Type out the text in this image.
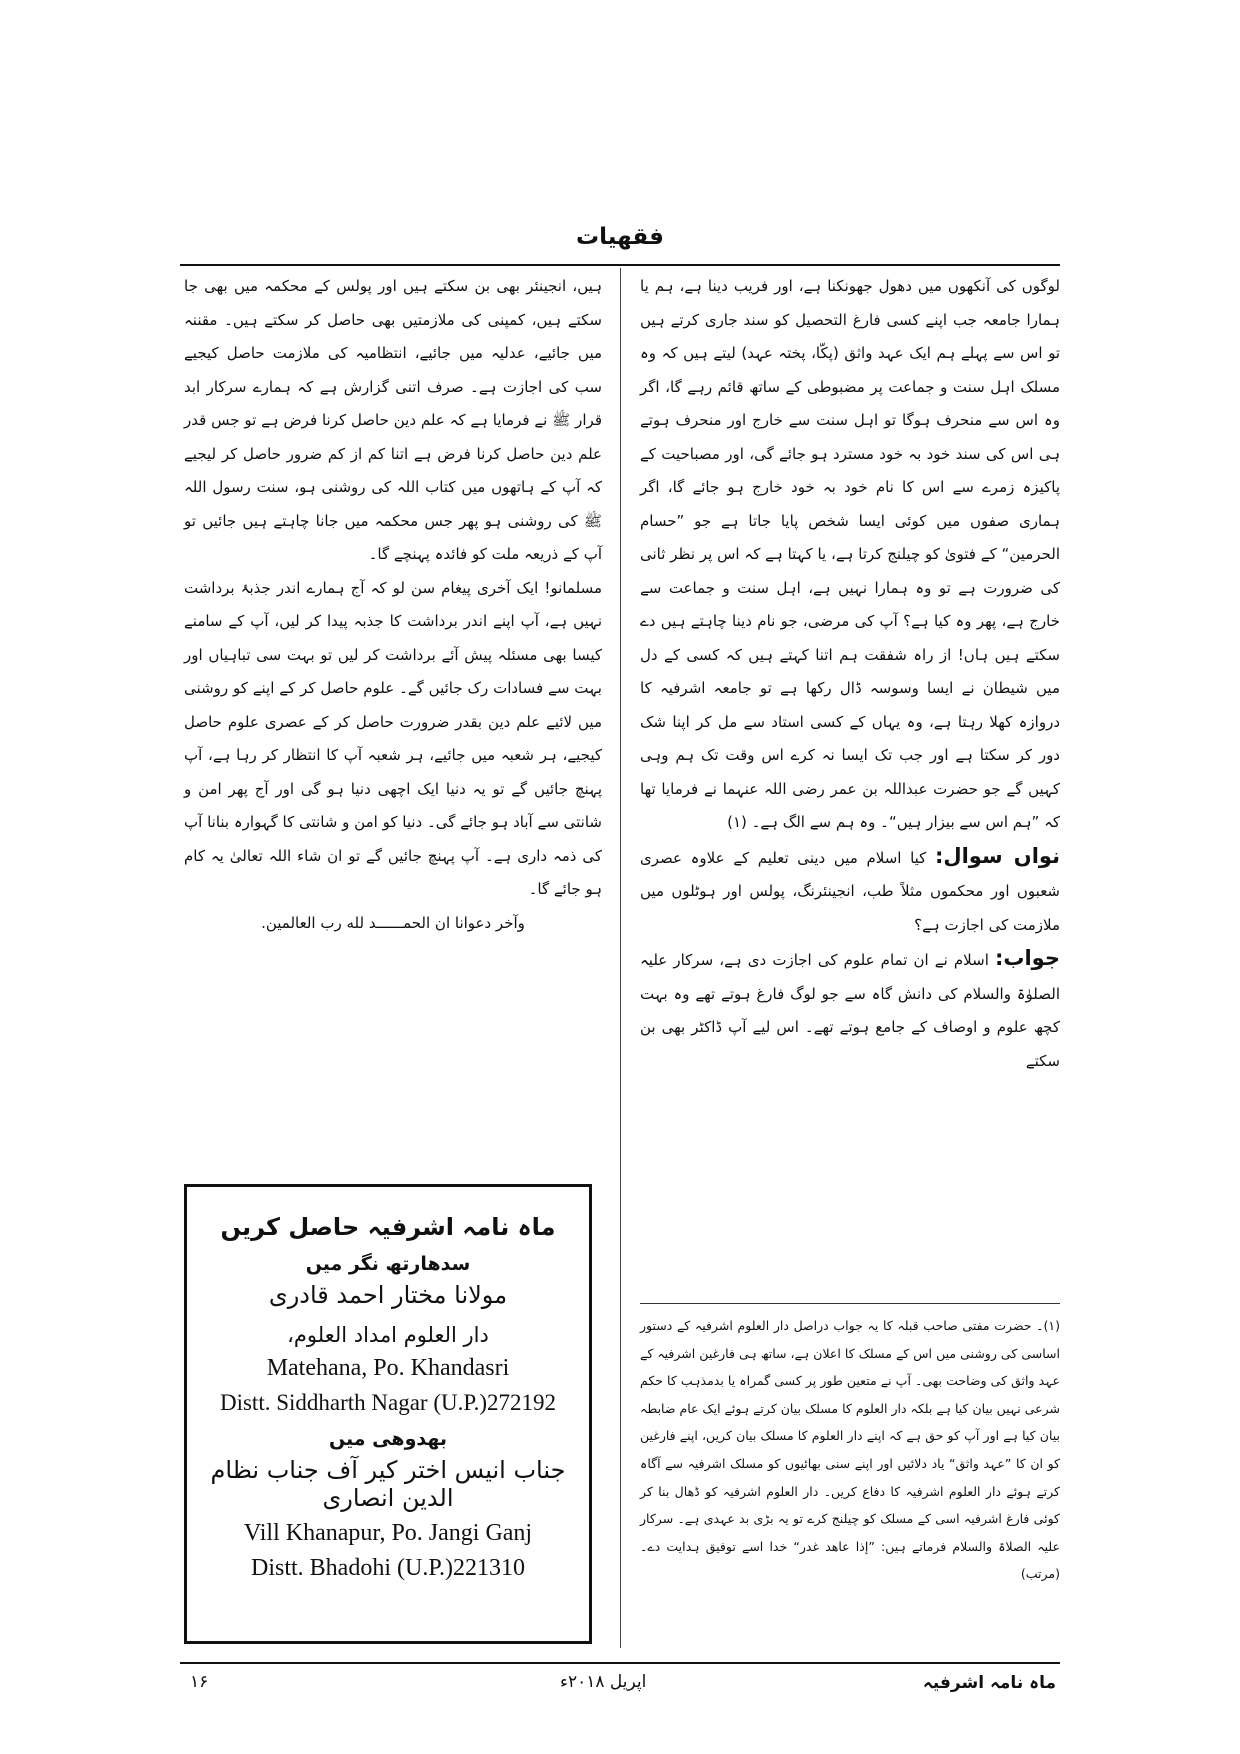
فقهيات

لوگوں کی آنکھوں میں دھول جھونکنا ہے، اور فریب دینا ہے، ہم یا ہمارا جامعہ جب اپنے کسی فارغ التحصیل کو سند جاری کرتے ہیں تو اس سے پہلے ہم ایک عہد واثق (پکّا، پختہ عہد) لیتے ہیں کہ وہ مسلک اہل سنت و جماعت پر مضبوطی کے ساتھ قائم رہے گا، اگر وہ اس سے منحرف ہوگا تو اہل سنت سے خارج اور منحرف ہوتے ہی اس کی سند خود بہ خود مسترد ہو جائے گی، اور مصباحیت کے پاکیزہ زمرے سے اس کا نام خود بہ خود خارج ہو جائے گا، اگر ہماری صفوں میں کوئی ایسا شخص پایا جاتا ہے جو ”حسام الحرمین“ کے فتویٰ کو چیلنج کرتا ہے، یا کہتا ہے کہ اس پر نظر ثانی کی ضرورت ہے تو وہ ہمارا نہیں ہے، اہل سنت و جماعت سے خارج ہے، پھر وہ کیا ہے؟ آپ کی مرضی، جو نام دینا چاہتے ہیں دے سکتے ہیں ہاں! از راہ شفقت ہم اتنا کہتے ہیں کہ کسی کے دل میں شیطان نے ایسا وسوسہ ڈال رکھا ہے تو جامعہ اشرفیہ کا دروازہ کھلا رہتا ہے، وہ یہاں کے کسی استاد سے مل کر اپنا شک دور کر سکتا ہے اور جب تک ایسا نہ کرے اس وقت تک ہم وہی کہیں گے جو حضرت عبداللہ بن عمر رضی اللہ عنہما نے فرمایا تھا کہ ”ہم اس سے بیزار ہیں“۔ وہ ہم سے الگ ہے۔ (۱)

نواں سوال: کیا اسلام میں دینی تعلیم کے علاوہ عصری شعبوں اور محکموں مثلاً طب، انجینئرنگ، پولس اور ہوٹلوں میں ملازمت کی اجازت ہے؟

جواب: اسلام نے ان تمام علوم کی اجازت دی ہے، سرکار علیہ الصلوٰۃ والسلام کی دانش گاہ سے جو لوگ فارغ ہوتے تھے وہ بہت کچھ علوم و اوصاف کے جامع ہوتے تھے۔ اس لیے آپ ڈاکٹر بھی بن سکتے

ہیں، انجینئر بھی بن سکتے ہیں اور پولس کے محکمہ میں بھی جا سکتے ہیں، کمپنی کی ملازمتیں بھی حاصل کر سکتے ہیں۔ مقننہ میں جائیے، عدلیہ میں جائیے، انتظامیہ کی ملازمت حاصل کیجیے سب کی اجازت ہے۔ صرف اتنی گزارش ہے کہ ہمارے سرکار ابد قرار ﷺ نے فرمایا ہے کہ علم دین حاصل کرنا فرض ہے تو جس قدر علم دین حاصل کرنا فرض ہے اتنا کم از کم ضرور حاصل کر لیجیے کہ آپ کے ہاتھوں میں کتاب اللہ کی روشنی ہو، سنت رسول اللہ ﷺ کی روشنی ہو پھر جس محکمہ میں جانا چاہتے ہیں جائیں تو آپ کے ذریعہ ملت کو فائدہ پہنچے گا۔

مسلمانو! ایک آخری پیغام سن لو کہ آج ہمارے اندر جذبۂ برداشت نہیں ہے، آپ اپنے اندر برداشت کا جذبہ پیدا کر لیں، آپ کے سامنے کیسا بھی مسئلہ پیش آئے برداشت کر لیں تو بہت سی تباہیاں اور بہت سے فسادات رک جائیں گے۔ علوم حاصل کر کے اپنے کو روشنی میں لائیے علم دین بقدر ضرورت حاصل کر کے عصری علوم حاصل کیجیے، ہر شعبہ میں جائیے، ہر شعبہ آپ کا انتظار کر رہا ہے، آپ پہنچ جائیں گے تو یہ دنیا ایک اچھی دنیا ہو گی اور آج پھر امن و شانتی سے آباد ہو جائے گی۔ دنیا کو امن و شانتی کا گہوارہ بنانا آپ کی ذمہ داری ہے۔ آپ پہنچ جائیں گے تو ان شاء اللہ تعالیٰ یہ کام ہو جائے گا۔

وآخر دعوانا ان الحمــــــد لله رب العالمين.

ماہ نامہ اشرفیہ حاصل کریں
سدھارتھ نگر میں
مولانا مختار احمد قادری
دار العلوم امداد العلوم،
Matehana, Po. Khandasri
Distt. Siddharth Nagar (U.P.)272192
بھدوھی میں
جناب انیس اختر کیر آف جناب نظام الدین انصاری
Vill Khanapur, Po. Jangi Ganj
Distt. Bhadohi (U.P.)221310
(۱)۔ حضرت مفتی صاحب قبلہ کا یہ جواب دراصل دار العلوم اشرفیہ کے دستور اساسی کی روشنی میں اس کے مسلک کا اعلان ہے، ساتھ ہی فارغین اشرفیہ کے عہد واثق کی وضاحت بھی۔ آپ نے متعین طور پر کسی گمراہ یا بدمذہب کا حکم شرعی نہیں بیان کیا ہے بلکہ دار العلوم کا مسلک بیان کرتے ہوئے ایک عام ضابطہ بیان کیا ہے اور آپ کو حق ہے کہ اپنے دار العلوم کا مسلک بیان کریں، اپنے فارغین کو ان کا ”عہد واثق“ یاد دلائیں اور اپنے سنی بھائیوں کو مسلک اشرفیہ سے آگاہ کرتے ہوئے دار العلوم اشرفیہ کا دفاع کریں۔ دار العلوم اشرفیہ کو ڈھال بنا کر کوئی فارغ اشرفیہ اسی کے مسلک کو چیلنج کرے تو یہ بڑی بد عہدی ہے۔ سرکار علیہ الصلاۃ والسلام فرماتے ہیں: ”إذا عاهد غدر“ خدا اسے توفیق ہدایت دے۔ (مرتب)
ماہ نامہ اشرفیہ
اپریل ۲۰۱۸ء
۱۶
